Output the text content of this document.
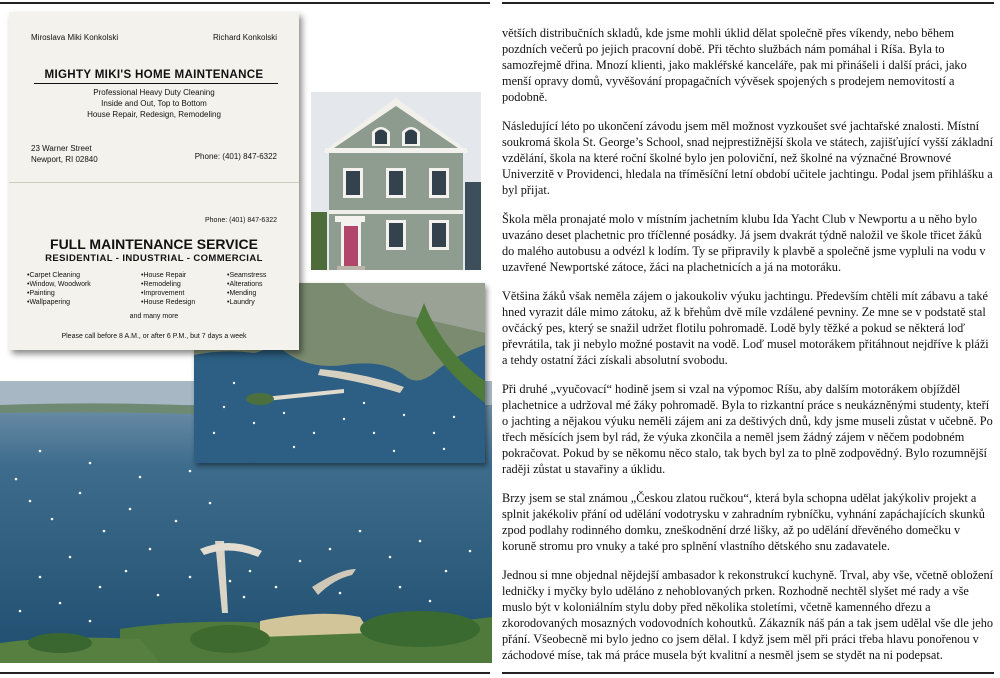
Miroslava Miki Konkolski	Richard Konkolski
MIGHTY MIKI'S HOME MAINTENANCE
Professional Heavy Duty Cleaning
Inside and Out, Top to Bottom
House Repair, Redesign, Remodeling
23 Warner Street
Newport, RI 02840	Phone: (401) 847-6322
Phone: (401) 847-6322
FULL MAINTENANCE SERVICE
RESIDENTIAL - INDUSTRIAL - COMMERCIAL
• Carpet Cleaning
• Window, Woodwork
• Painting
• Wallpapering
• House Repair
• Remodeling
• Improvement
• House Redesign
• Seamstress
• Alterations
• Mending
• Laundry
and many more
Please call before 8 A.M., or after 6 P.M., but 7 days a week

větších distribučních skladů, kde jsme mohli úklid dělat společně přes víkendy, nebo během pozdních večerů po jejich pracovní době. Při těchto službách nám pomáhal i Ríša. Byla to samozřejmě dřina. Mnozí klienti, jako makléřské kanceláře, pak mi přinášeli i další práci, jako menší opravy domů, vyvěšování propagačních vývěsek spojených s prodejem nemovitostí a podobně.

Následující léto po ukončení závodu jsem měl možnost vyzkoušet své jachtařské znalosti. Místní soukromá škola St. George’s School, snad nejprestižnější škola ve státech, zajišťující vyšší základní vzdělání, škola na které roční školné bylo jen poloviční, než školné na význačné Brownové Univerzitě v Providenci, hledala na tříměsíční letní období učitele jachtingu. Podal jsem přihlášku a byl přijat.

Škola měla pronajaté molo v místním jachetním klubu Ida Yacht Club v Newportu a u něho bylo uvazáno deset plachetnic pro tříčlenné posádky. Já jsem dvakrát týdně naložil ve škole třicet žáků do malého autobusu a odvézl k lodím. Ty se připravily k plavbě a společně jsme vypluli na vodu v uzavřené Newportské zátoce, žáci na plachetnicích a já na motoráku.

Většina žáků však neměla zájem o jakoukoliv výuku jachtingu. Především chtěli mít zábavu a také hned vyrazit dále mimo zátoku, až k břehům dvě míle vzdálené pevniny. Ze mne se v podstatě stal ovčácký pes, který se snažil udržet flotilu pohromadě. Lodě byly těžké a pokud se některá loď převrátila, tak ji nebylo možné postavit na vodě. Loď musel motorákem přitáhnout nejdříve k pláži a tehdy ostatní žáci získali absolutní svobodu.

Při druhé „vyučovací“ hodině jsem si vzal na výpomoc Ríšu, aby dalším motorákem objížděl plachetnice a udržoval mé žáky pohromadě. Byla to rizkantní práce s neukázněnými studenty, kteří o jachting a nějakou výuku neměli zájem ani za deštivých dnů, kdy jsme museli zůstat v učebně. Po třech měsících jsem byl rád, že výuka zkončila a neměl jsem žádný zájem v něčem podobném pokračovat. Pokud by se někomu něco stalo, tak bych byl za to plně zodpovědný. Bylo rozumnější raději zůstat u stavařiny a úklidu.

Brzy jsem se stal známou „Českou zlatou ručkou“, která byla schopna udělat jakýkoliv projekt a splnit jakékoliv přání od udělání vodotrysku v zahradním rybníčku, vyhnání zapáchajících skunků zpod podlahy rodinného domku, zneškodnění drzé lišky, až po udělání dřevěného domečku v koruně stromu pro vnuky a také pro splnění vlastního dětského snu zadavatele.

Jednou si mne objednal nějdejší ambasador k rekonstrukcí kuchyně. Trval, aby vše, včetně obložení ledničky i myčky bylo uděláno z nehoblovaných prken. Rozhodně nechtěl slyšet mé rady a vše muslo být v koloniálním stylu doby před několika stoletími, včetně kamenného dřezu a zkorodovaných mosazných vodovodních kohoutků. Zákazník náš pán a tak jsem udělal vše dle jeho přání. Všeobecně mi bylo jedno co jsem dělal. I když jsem měl při práci třeba hlavu ponořenou v záchodové míse, tak má práce musela být kvalitní a nesměl jsem se stydět na ni podepsat.
